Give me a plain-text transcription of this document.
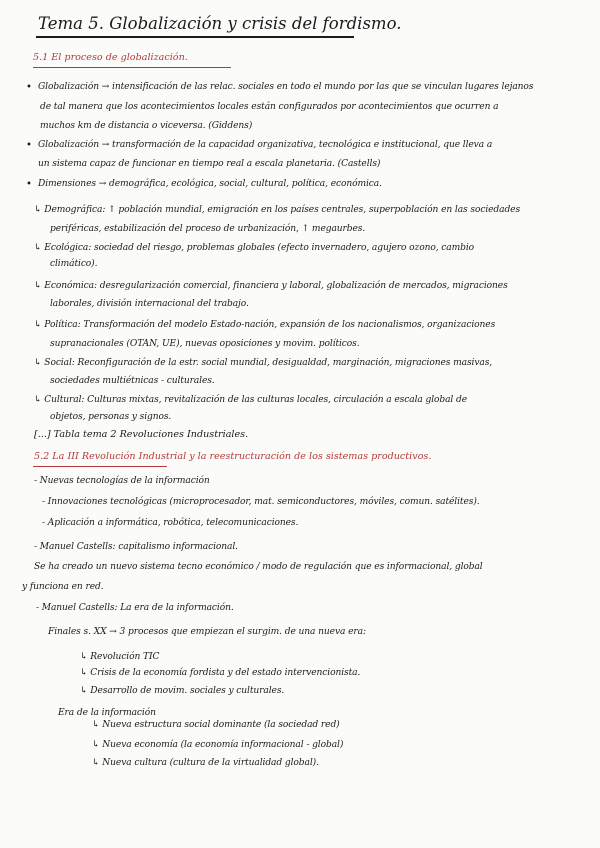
Tema 5. Globalización y crisis del fordismo.
5.1 El proceso de globalización.
• Globalización → intensificación de las relac. sociales en todo el mundo por las que se vinculan lugares lejanos
de tal manera que los acontecimientos locales están configurados por acontecimientos que ocurren a
muchos km de distancia o viceversa. (Giddens)
• Globalización → transformación de la capacidad organizativa, tecnológica e institucional, que lleva a
un sistema capaz de funcionar en tiempo real a escala planetaria. (Castells)
• Dimensiones → demográfica, ecológica, social, cultural, política, económica.
↳ Demográfica: ↑ población mundial, emigración en los países centrales, superpoblación en las sociedades
periféricas, estabilización del proceso de urbanización, ↑ megaurbes.
↳ Ecológica: sociedad del riesgo, problemas globales (efecto invernadero, agujero ozono, cambio
climático).
↳ Económica: desregularización comercial, financiera y laboral, globalización de mercados, migraciones
laborales, división internacional del trabajo.
↳ Política: Transformación del modelo Estado-nación, expansión de los nacionalismos, organizaciones
supranacionales (OTAN, UE), nuevas oposiciones y movim. políticos.
↳ Social: Reconfiguración de la estr. social mundial, desigualdad, marginación, migraciones masivas,
sociedades multiétnicas - culturales.
↳ Cultural: Culturas mixtas, revitalización de las culturas locales, circulación a escala global de
objetos, personas y signos.
[...] Tabla tema 2 Revoluciones Industriales.
5.2 La III Revolución Industrial y la reestructuración de los sistemas productivos.
- Nuevas tecnologías de la información
- Innovaciones tecnológicas (microprocesador, mat. semiconductores, móviles, comun. satélites).
- Aplicación a informática, robótica, telecomunicaciones.
- Manuel Castells: capitalismo informacional.
Se ha creado un nuevo sistema tecno económico / modo de regulación que es informacional, global
y funciona en red.
- Manuel Castells: La era de la información.
Finales s. XX → 3 procesos que empiezan el surgim. de una nueva era:
↳ Revolución TIC
↳ Crisis de la economía fordista y del estado intervencionista.
↳ Desarrollo de movim. sociales y culturales.
Era de la información
↳ Nueva estructura social dominante (la sociedad red)
↳ Nueva economía (la economía informacional - global)
↳ Nueva cultura (cultura de la virtualidad global).
